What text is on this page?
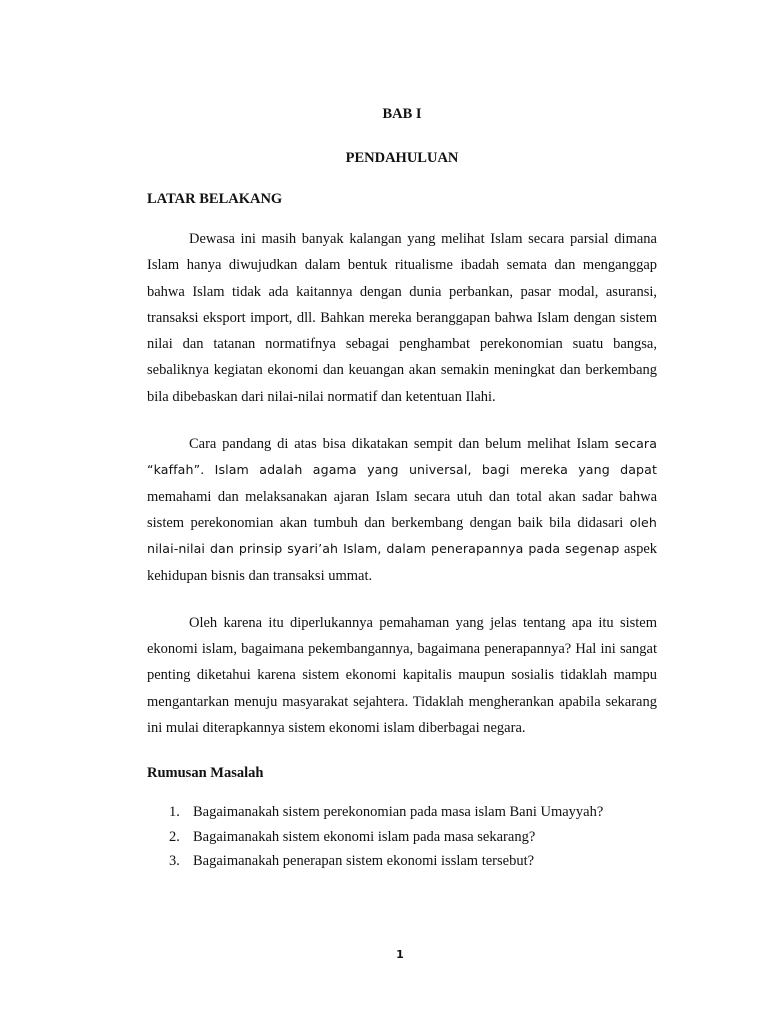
BAB I

PENDAHULUAN

LATAR BELAKANG

Dewasa ini masih banyak kalangan yang melihat Islam secara parsial dimana Islam hanya diwujudkan dalam bentuk ritualisme ibadah semata dan menganggap bahwa Islam tidak ada kaitannya dengan dunia perbankan, pasar modal, asuransi, transaksi eksport import, dll. Bahkan mereka beranggapan bahwa Islam dengan sistem nilai dan tatanan normatifnya sebagai penghambat perekonomian suatu bangsa, sebaliknya kegiatan ekonomi dan keuangan akan semakin meningkat dan berkembang bila dibebaskan dari nilai-nilai normatif dan ketentuan Ilahi.

Cara pandang di atas bisa dikatakan sempit dan belum melihat Islam secara “kaffah”. Islam adalah agama yang universal, bagi mereka yang dapat memahami dan melaksanakan ajaran Islam secara utuh dan total akan sadar bahwa sistem perekonomian akan tumbuh dan berkembang dengan baik bila didasari oleh nilai-nilai dan prinsip syari’ah Islam, dalam penerapannya pada segenap aspek kehidupan bisnis dan transaksi ummat.

Oleh karena itu diperlukannya pemahaman yang jelas tentang apa itu sistem ekonomi islam, bagaimana pekembangannya, bagaimana penerapannya? Hal ini sangat penting diketahui karena sistem ekonomi kapitalis maupun sosialis tidaklah mampu mengantarkan menuju masyarakat sejahtera. Tidaklah mengherankan apabila sekarang ini mulai diterapkannya sistem ekonomi islam diberbagai negara.

Rumusan Masalah
1. Bagaimanakah sistem perekonomian pada masa islam Bani Umayyah?
2. Bagaimanakah sistem ekonomi islam pada masa sekarang?
3. Bagaimanakah penerapan sistem ekonomi isslam tersebut?
1
